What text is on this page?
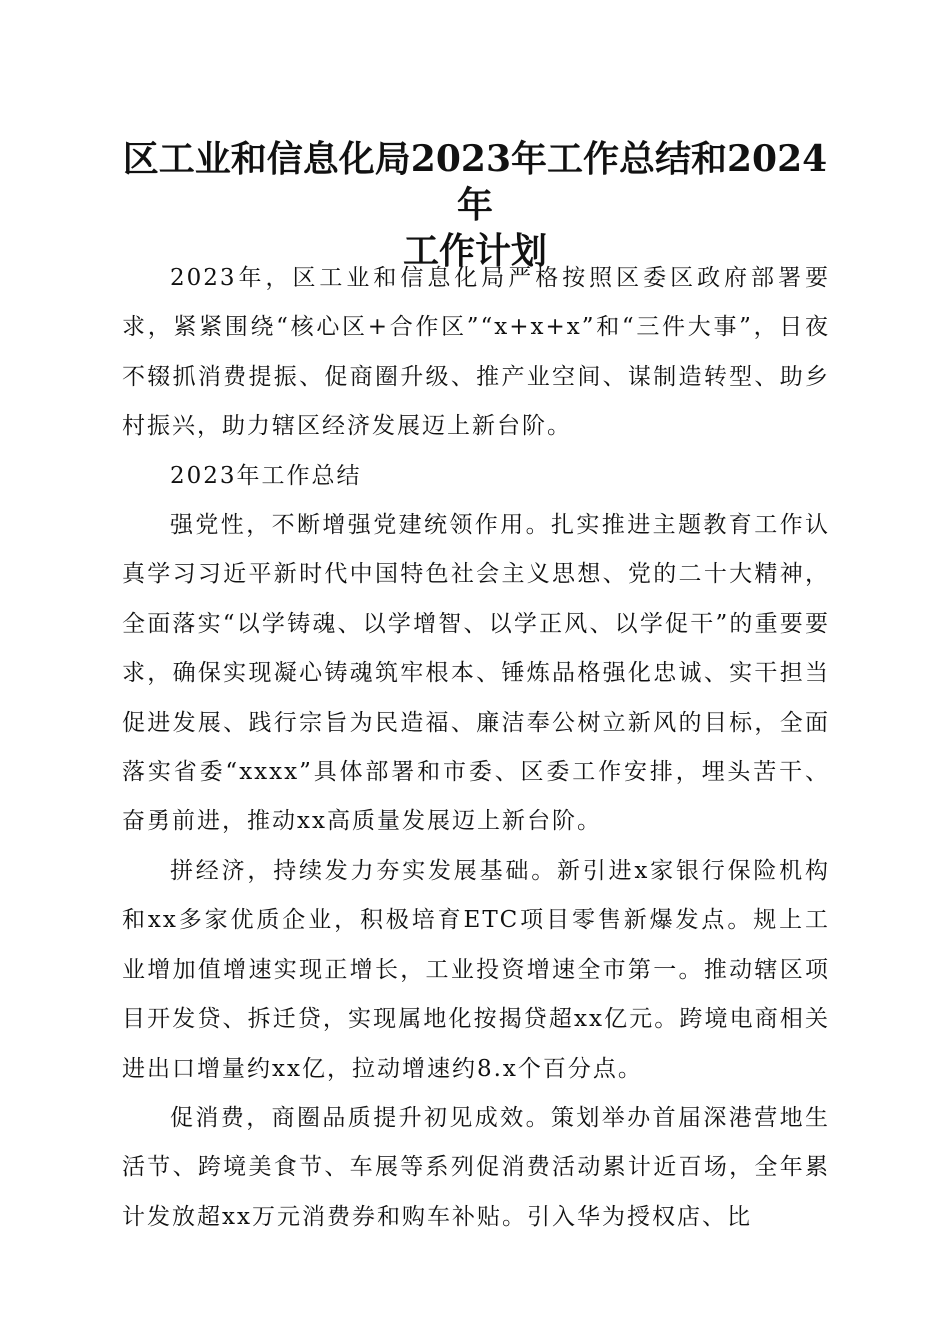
区工业和信息化局2023年工作总结和2024年
工作计划

2023年，区工业和信息化局严格按照区委区政府部署要求，紧紧围绕“核心区+合作区”“x+x+x”和“三件大事”，日夜不辍抓消费提振、促商圈升级、推产业空间、谋制造转型、助乡村振兴，助力辖区经济发展迈上新台阶。

2023年工作总结

强党性，不断增强党建统领作用。扎实推进主题教育工作认真学习习近平新时代中国特色社会主义思想、党的二十大精神，全面落实“以学铸魂、以学增智、以学正风、以学促干”的重要要求，确保实现凝心铸魂筑牢根本、锤炼品格强化忠诚、实干担当促进发展、践行宗旨为民造福、廉洁奉公树立新风的目标，全面落实省委“xxxx”具体部署和市委、区委工作安排，埋头苦干、奋勇前进，推动xx高质量发展迈上新台阶。

拼经济，持续发力夯实发展基础。新引进x家银行保险机构和xx多家优质企业，积极培育ETC项目零售新爆发点。规上工业增加值增速实现正增长，工业投资增速全市第一。推动辖区项目开发贷、拆迁贷，实现属地化按揭贷超xx亿元。跨境电商相关进出口增量约xx亿，拉动增速约8.x个百分点。

促消费，商圈品质提升初见成效。策划举办首届深港营地生活节、跨境美食节、车展等系列促消费活动累计近百场，全年累计发放超xx万元消费券和购车补贴。引入华为授权店、比
